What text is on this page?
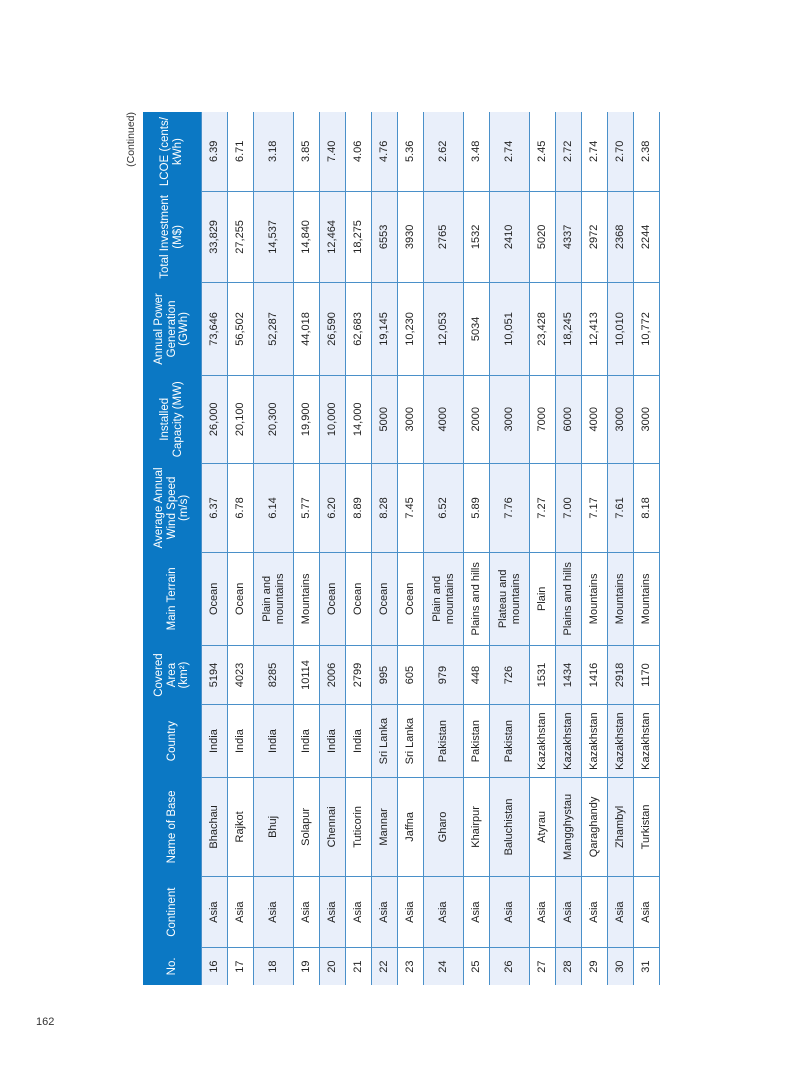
162
(Continued)
No.	Continent	Name of Base	Country	Covered Area (km²)	Main Terrain	Average Annual Wind Speed (m/s)	Installed Capacity (MW)	Annual Power Generation (GWh)	Total Investment (M$)	LCOE (cents/ kWh)
16	Asia	Bhachau	India	5194	Ocean	6.37	26,000	73,646	33,829	6.39
17	Asia	Rajkot	India	4023	Ocean	6.78	20,100	56,502	27,255	6.71
18	Asia	Bhuj	India	8285	Plain and mountains	6.14	20,300	52,287	14,537	3.18
19	Asia	Solapur	India	10114	Mountains	5.77	19,900	44,018	14,840	3.85
20	Asia	Chennai	India	2006	Ocean	6.20	10,000	26,590	12,464	7.40
21	Asia	Tuticorin	India	2799	Ocean	8.89	14,000	62,683	18,275	4.06
22	Asia	Mannar	Sri Lanka	995	Ocean	8.28	5000	19,145	6553	4.76
23	Asia	Jaffna	Sri Lanka	605	Ocean	7.45	3000	10,230	3930	5.36
24	Asia	Gharo	Pakistan	979	Plain and mountains	6.52	4000	12,053	2765	2.62
25	Asia	Khairpur	Pakistan	448	Plains and hills	5.89	2000	5034	1532	3.48
26	Asia	Baluchistan	Pakistan	726	Plateau and mountains	7.76	3000	10,051	2410	2.74
27	Asia	Atyrau	Kazakhstan	1531	Plain	7.27	7000	23,428	5020	2.45
28	Asia	Mangghystau	Kazakhstan	1434	Plains and hills	7.00	6000	18,245	4337	2.72
29	Asia	Qaraghandy	Kazakhstan	1416	Mountains	7.17	4000	12,413	2972	2.74
30	Asia	Zhambyl	Kazakhstan	2918	Mountains	7.61	3000	10,010	2368	2.70
31	Asia	Turkistan	Kazakhstan	1170	Mountains	8.18	3000	10,772	2244	2.38
